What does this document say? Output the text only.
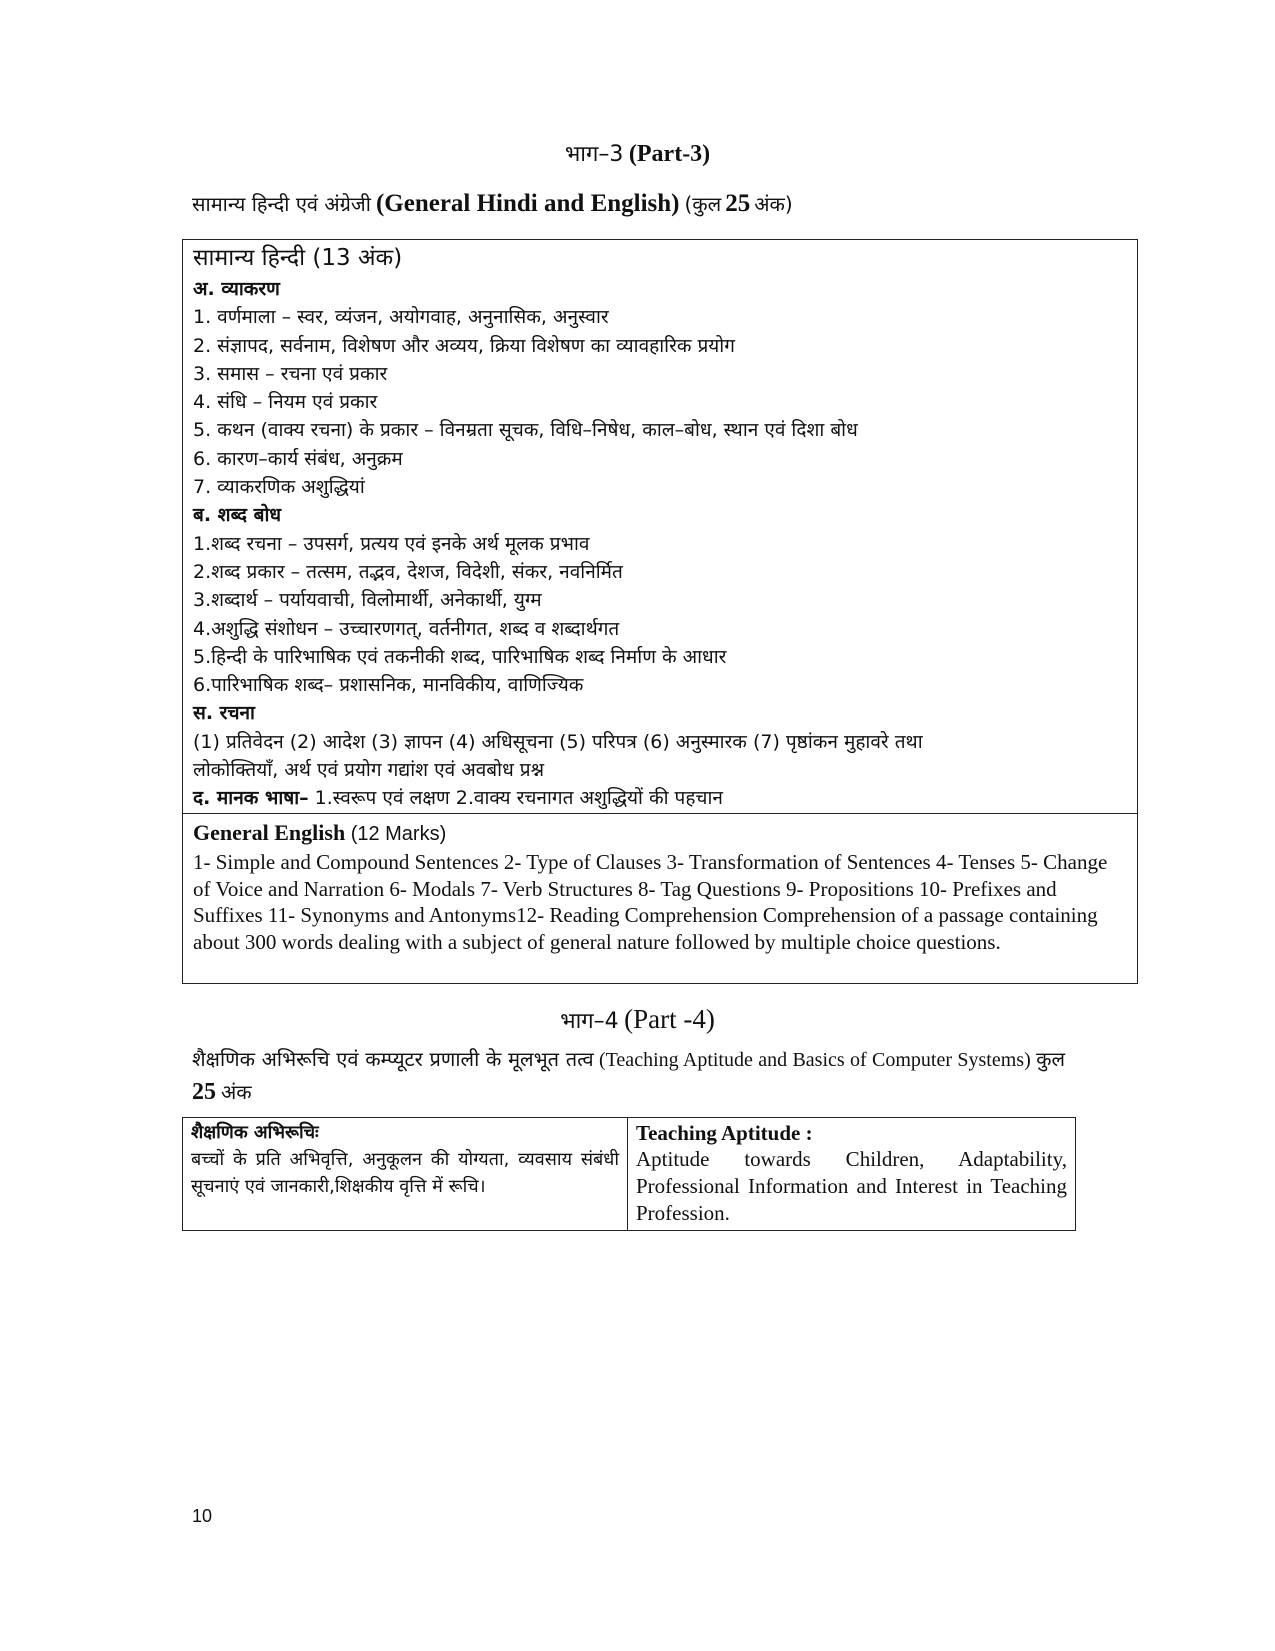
भाग–3 (Part-3)
सामान्य हिन्दी एवं अंग्रेजी (General Hindi and English) (कुल 25 अंक)
सामान्य हिन्दी (13 अंक)
अ. व्याकरण
1. वर्णमाला – स्वर, व्यंजन, अयोगवाह, अनुनासिक, अनुस्वार
2. संज्ञापद, सर्वनाम, विशेषण और अव्यय, क्रिया विशेषण का व्यावहारिक प्रयोग
3. समास – रचना एवं प्रकार
4. संधि – नियम एवं प्रकार
5. कथन (वाक्य रचना) के प्रकार – विनम्रता सूचक, विधि–निषेध, काल–बोध, स्थान एवं दिशा बोध
6. कारण–कार्य संबंध, अनुक्रम
7. व्याकरणिक अशुद्धियां
ब. शब्द बोध
1.शब्द रचना – उपसर्ग, प्रत्यय एवं इनके अर्थ मूलक प्रभाव
2.शब्द प्रकार – तत्सम, तद्भव, देशज, विदेशी, संकर, नवनिर्मित
3.शब्दार्थ – पर्यायवाची, विलोमार्थी, अनेकार्थी, युग्म
4.अशुद्धि संशोधन – उच्चारणगत्, वर्तनीगत, शब्द व शब्दार्थगत
5.हिन्दी के पारिभाषिक एवं तकनीकी शब्द, पारिभाषिक शब्द निर्माण के आधार
6.पारिभाषिक शब्द– प्रशासनिक, मानविकीय, वाणिज्यिक
स. रचना
(1) प्रतिवेदन (2) आदेश (3) ज्ञापन (4) अधिसूचना (5) परिपत्र (6) अनुस्मारक (7) पृष्ठांकन मुहावरे तथा
लोकोक्तियाँ, अर्थ एवं प्रयोग गद्यांश एवं अवबोध प्रश्न
द. मानक भाषा– 1.स्वरूप एवं लक्षण 2.वाक्य रचनागत अशुद्धियों की पहचान
General English (12 Marks)
1- Simple and Compound Sentences 2- Type of Clauses 3- Transformation of Sentences 4- Tenses 5- Change of Voice and Narration 6- Modals 7- Verb Structures 8- Tag Questions 9- Propositions 10- Prefixes and Suffixes 11- Synonyms and Antonyms12- Reading Comprehension Comprehension of a passage containing about 300 words dealing with a subject of general nature followed by multiple choice questions.
भाग–4 (Part -4)
शैक्षणिक अभिरूचि एवं कम्प्यूटर प्रणाली के मूलभूत तत्व (Teaching Aptitude and Basics of Computer Systems) कुल 25 अंक
शैक्षणिक अभिरूचिः
बच्चों के प्रति अभिवृत्ति, अनुकूलन की योग्यता, व्यवसाय संबंधी सूचनाएं एवं जानकारी,शिक्षकीय वृत्ति में रूचि।
Teaching Aptitude :
Aptitude towards Children, Adaptability, Professional Information and Interest in Teaching Profession.
10
